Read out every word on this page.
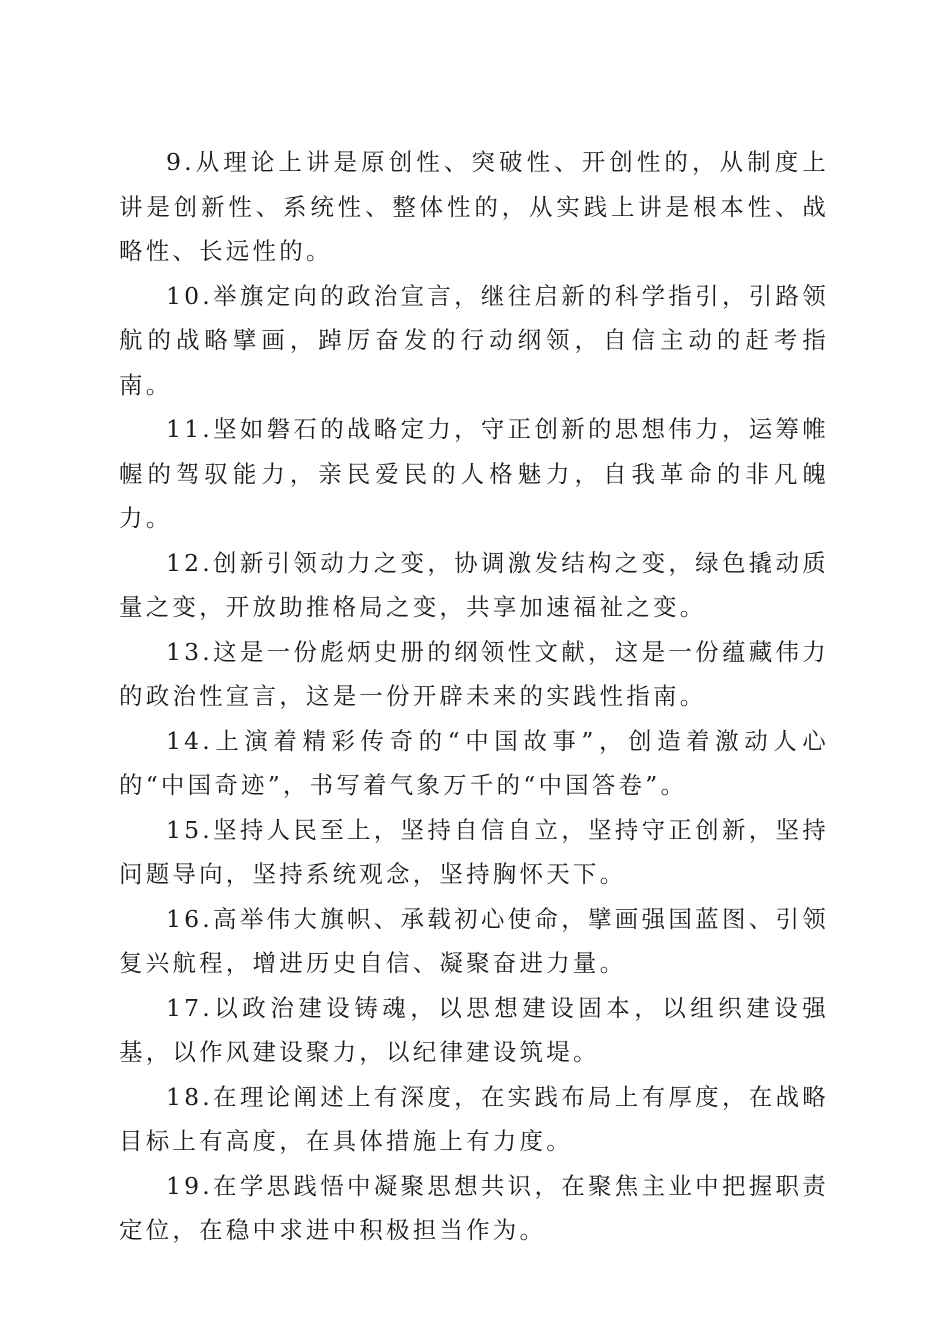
9.从理论上讲是原创性、突破性、开创性的，从制度上讲是创新性、系统性、整体性的，从实践上讲是根本性、战略性、长远性的。

10.举旗定向的政治宣言，继往启新的科学指引，引路领航的战略擘画，踔厉奋发的行动纲领，自信主动的赶考指南。

11.坚如磐石的战略定力，守正创新的思想伟力，运筹帷幄的驾驭能力，亲民爱民的人格魅力，自我革命的非凡魄力。

12.创新引领动力之变，协调激发结构之变，绿色撬动质量之变，开放助推格局之变，共享加速福祉之变。

13.这是一份彪炳史册的纲领性文献，这是一份蕴藏伟力的政治性宣言，这是一份开辟未来的实践性指南。

14.上演着精彩传奇的“中国故事”，创造着激动人心的“中国奇迹”，书写着气象万千的“中国答卷”。

15.坚持人民至上，坚持自信自立，坚持守正创新，坚持问题导向，坚持系统观念，坚持胸怀天下。

16.高举伟大旗帜、承载初心使命，擘画强国蓝图、引领复兴航程，增进历史自信、凝聚奋进力量。

17.以政治建设铸魂，以思想建设固本，以组织建设强基，以作风建设聚力，以纪律建设筑堤。

18.在理论阐述上有深度，在实践布局上有厚度，在战略目标上有高度，在具体措施上有力度。

19.在学思践悟中凝聚思想共识，在聚焦主业中把握职责定位，在稳中求进中积极担当作为。
